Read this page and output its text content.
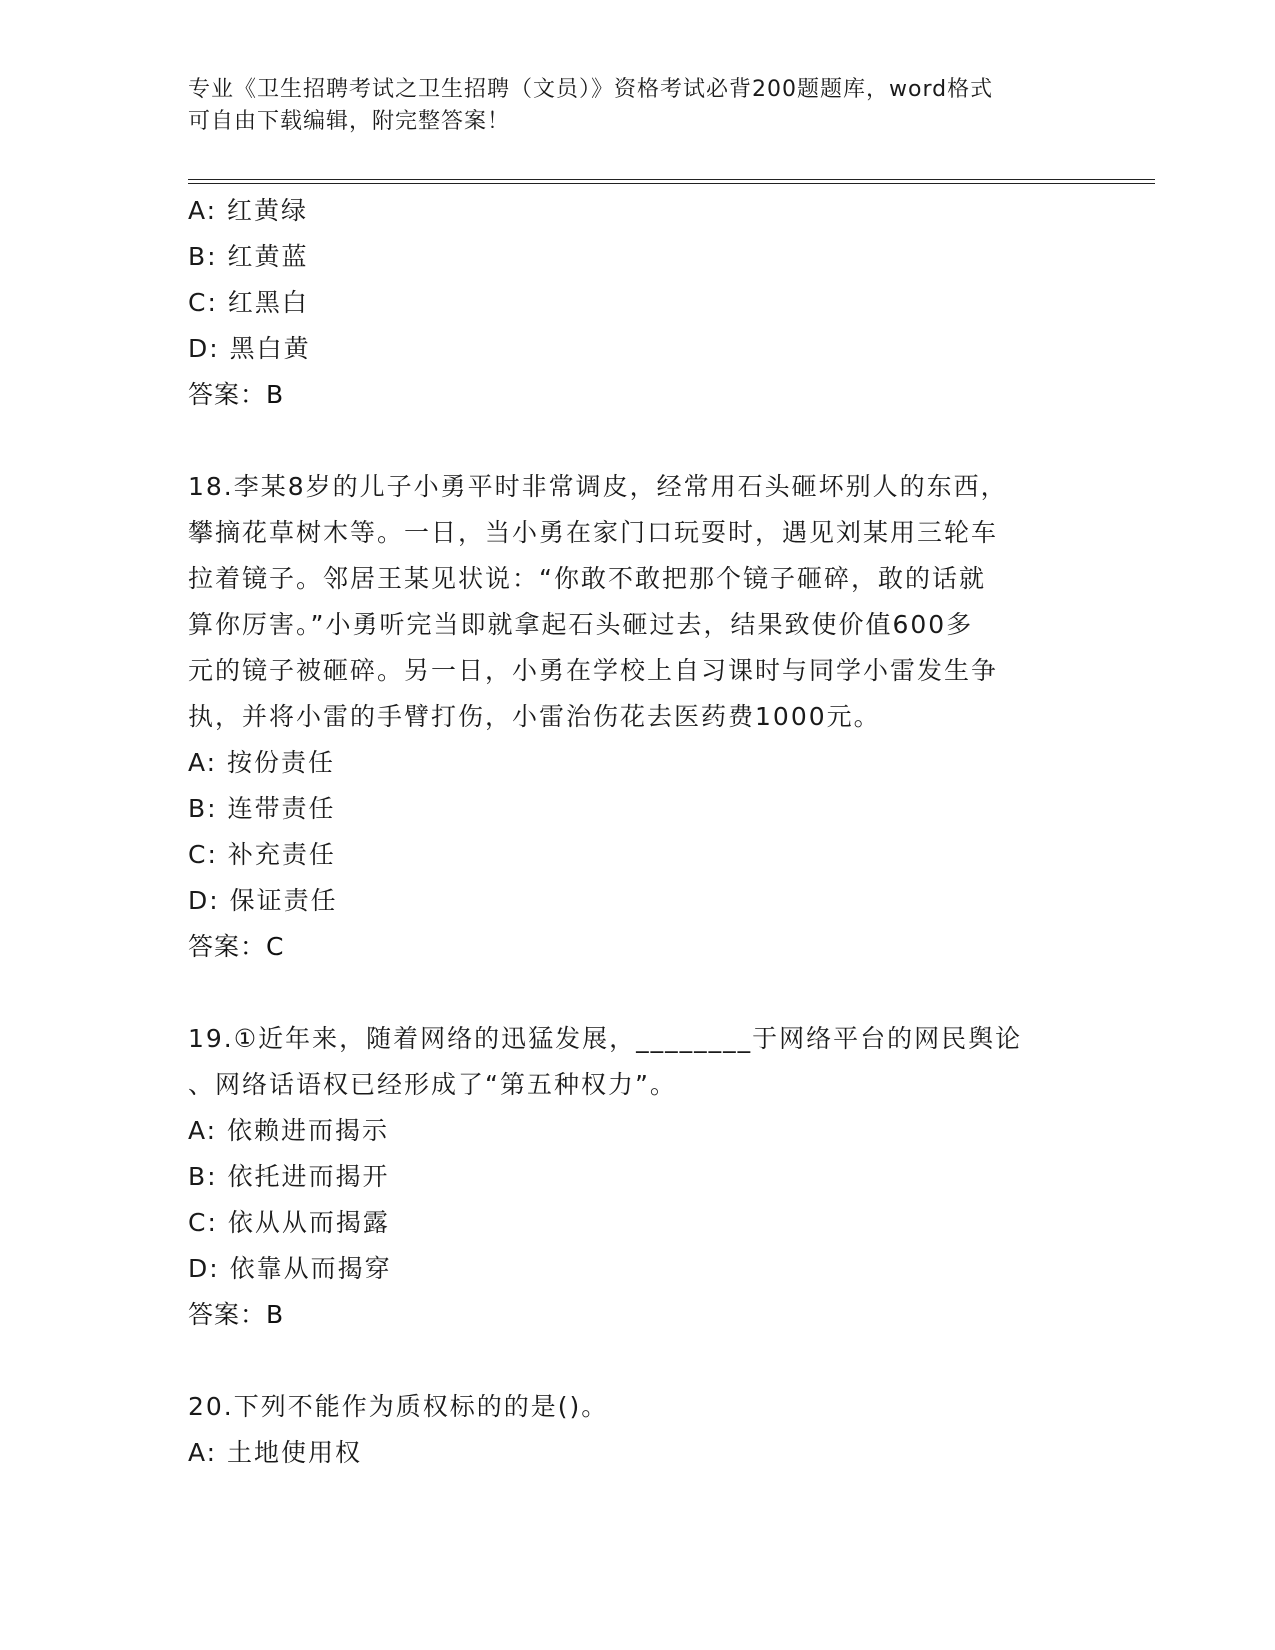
专业《卫生招聘考试之卫生招聘（文员）》资格考试必背200题题库，word格式
可自由下载编辑，附完整答案！
A: 红黄绿
B: 红黄蓝
C: 红黑白
D: 黑白黄
答案：B
18.李某8岁的儿子小勇平时非常调皮，经常用石头砸坏别人的东西，
攀摘花草树木等。一日，当小勇在家门口玩耍时，遇见刘某用三轮车
拉着镜子。邻居王某见状说：“你敢不敢把那个镜子砸碎，敢的话就
算你厉害。”小勇听完当即就拿起石头砸过去，结果致使价值600多
元的镜子被砸碎。另一日，小勇在学校上自习课时与同学小雷发生争
执，并将小雷的手臂打伤，小雷治伤花去医药费1000元。
A: 按份责任
B: 连带责任
C: 补充责任
D: 保证责任
答案：C
19.①近年来，随着网络的迅猛发展，________于网络平台的网民舆论
、网络话语权已经形成了“第五种权力”。
A: 依赖进而揭示
B: 依托进而揭开
C: 依从从而揭露
D: 依靠从而揭穿
答案：B
20.下列不能作为质权标的的是()。
A: 土地使用权
